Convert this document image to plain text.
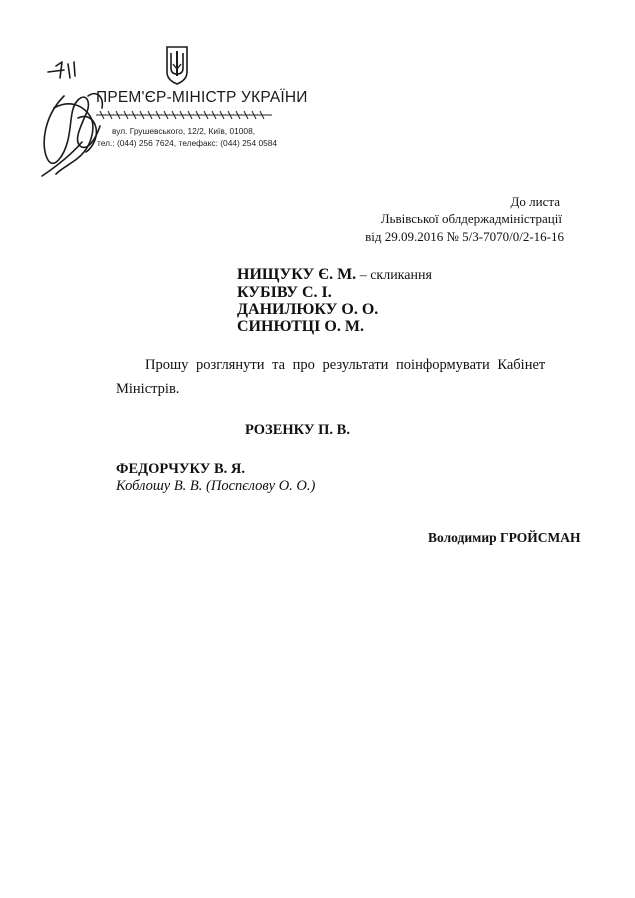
ПРЕМ'ЄР-МІНІСТР УКРАЇНИ
вул. Грушевського, 12/2, Київ, 01008,
тел.: (044) 256 7624, телефакс: (044) 254 0584
До листа
Львівської облдержадміністрації
від 29.09.2016 № 5/3-7070/0/2-16-16
НИЩУКУ Є. М. – скликання
КУБІВУ С. І.
ДАНИЛЮКУ О. О.
СИНЮТЦІ О. М.
Прошу розглянути та про результати поінформувати Кабінет
Міністрів.
РОЗЕНКУ П. В.
ФЕДОРЧУКУ В. Я.
Коблошу В. В. (Поспєлову О. О.)
Володимир ГРОЙСМАН
